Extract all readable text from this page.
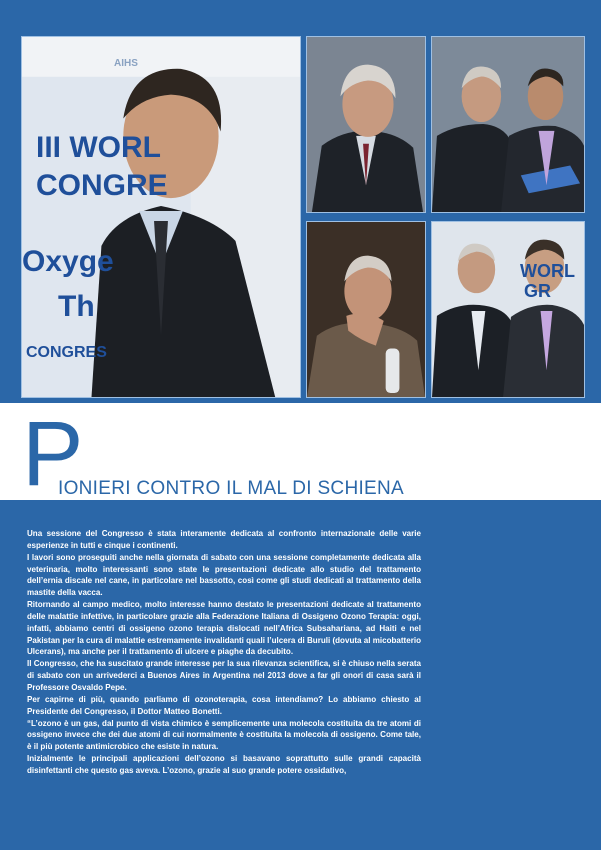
III WORL
CONGRE
Oxyge
Th
CONGRES
AIHS
WORL
GR
P
IONIERI CONTRO IL MAL DI SCHIENA

Una sessione del Congresso è stata interamente dedicata al confronto internazionale delle varie esperienze in tutti e cinque i continenti.

I lavori sono proseguiti anche nella giornata di sabato con una sessione completamente dedicata alla veterinaria, molto interessanti sono state le presentazioni dedicate allo studio del trattamento dell’ernia discale nel cane, in particolare nel bassotto, così come gli studi dedicati al trattamento della mastite della vacca.

Ritornando al campo medico, molto interesse hanno destato le presentazioni dedicate al trattamento delle malattie infettive, in particolare grazie alla Federazione Italiana di Ossigeno Ozono Terapia: oggi, infatti, abbiamo centri di ossigeno ozono terapia dislocati nell’Africa Subsahariana, ad Haiti e nel Pakistan per la cura di malattie estremamente invalidanti quali l’ulcera di Buruli (dovuta al micobatterio Ulcerans), ma anche per il trattamento di ulcere e piaghe da decubito.

Il Congresso, che ha suscitato grande interesse per la sua rilevanza scientifica, si è chiuso nella serata di sabato con un arrivederci a Buenos Aires in Argentina nel 2013 dove a far gli onori di casa sarà il Professore Osvaldo Pepe.

Per capirne di più, quando parliamo di ozonoterapia, cosa intendiamo? Lo abbiamo chiesto al Presidente del Congresso, il Dottor Matteo Bonetti.

“L’ozono è un gas, dal punto di vista chimico è semplicemente una molecola costituita da tre atomi di ossigeno invece che dei due atomi di cui normalmente è costituita la molecola di ossigeno. Come tale, è il più potente antimicrobico che esiste in natura.

Inizialmente le principali applicazioni dell’ozono si basavano soprattutto sulle grandi capacità disinfettanti che questo gas aveva. L’ozono, grazie al suo grande potere ossidativo,
